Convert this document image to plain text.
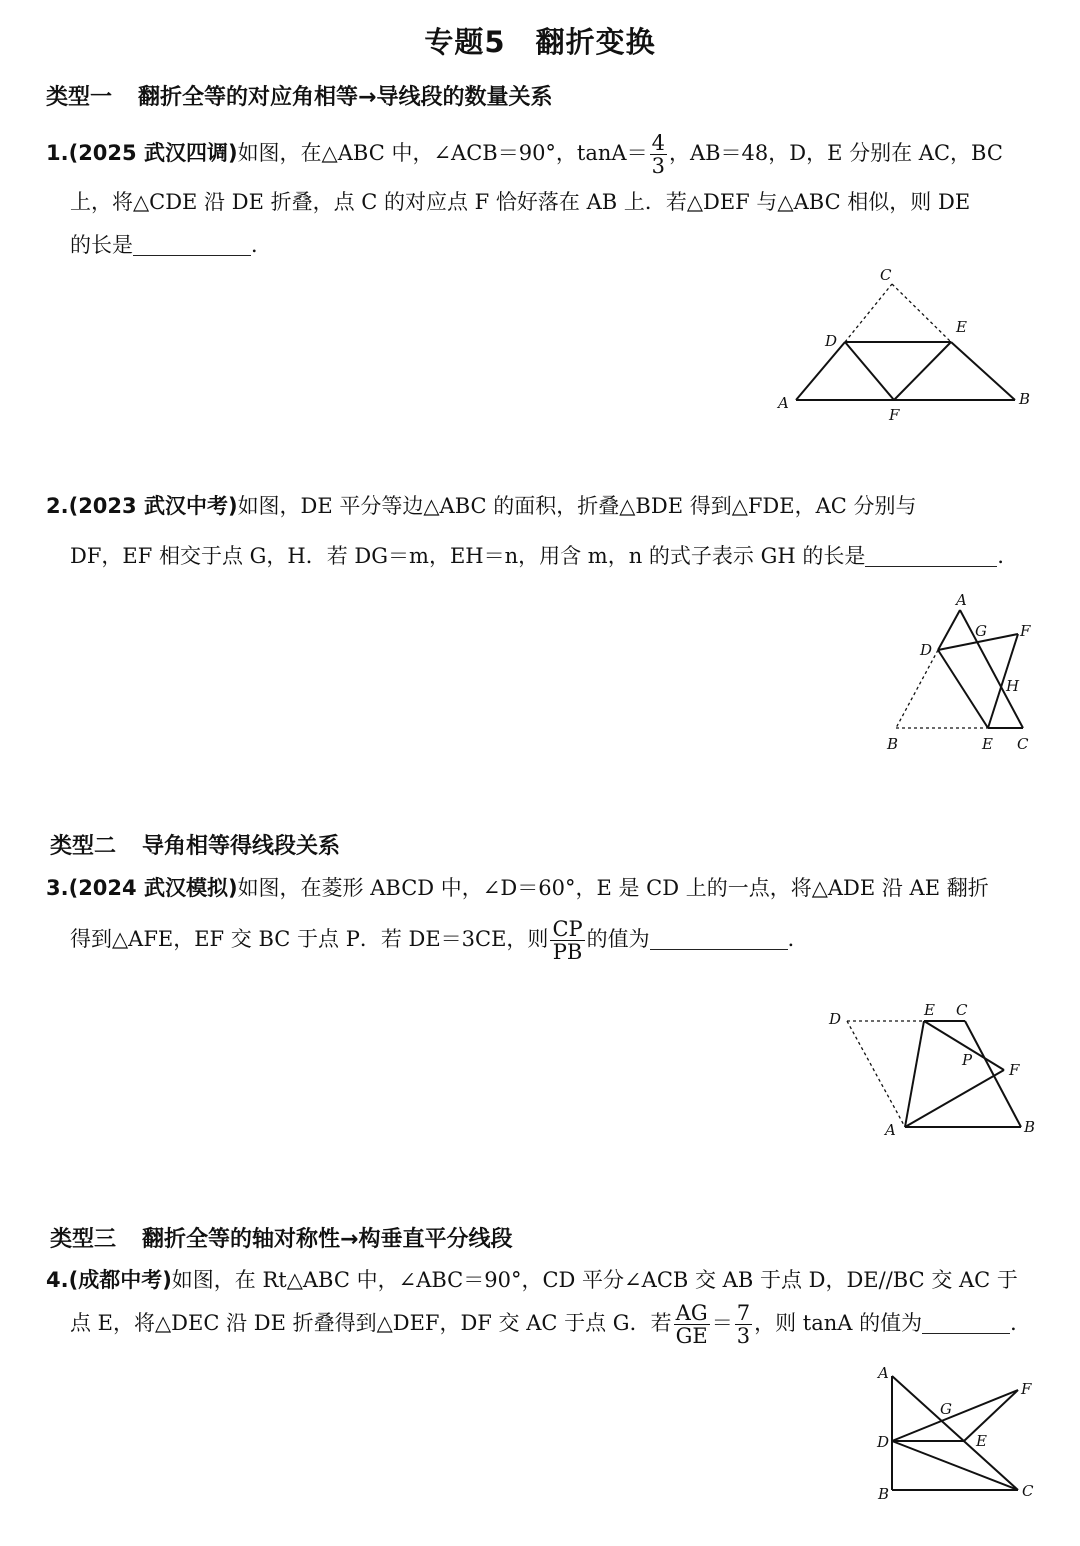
专题5　翻折变换
类型一 翻折全等的对应角相等→导线段的数量关系
1.(2025 武汉四调)如图，在△ABC 中，∠ACB＝90°，$\tan A= \frac{4}{3}$ ，AB＝48，D，E 分别在 AC，BC
上，将△CDE 沿 DE 折叠，点 C 的对应点 F 恰好落在 AB 上．若△DEF 与△ABC 相似，则 DE
的长是	．
C
D
E
A
F
B
2.(2023 武汉中考)如图，DE 平分等边△ABC 的面积，折叠△BDE 得到△FDE，AC 分别与
DF，EF 相交于点 G，H．若 DG＝m，EH＝n，用含 m，n 的式子表示 GH 的长是	．
A
G F
D
H
B	E C
类型二 导角相等得线段关系
3.(2024 武汉模拟)如图，在菱形 ABCD 中，∠D＝60°，E 是 CD 上的一点，将△ADE 沿 AE 翻折
得到△AFE，EF 交 BC 于点 P．若 DE＝3CE，则 $\frac{CP}{PB}$ 的值为	．
D	E C
P
F
A	B
类型三 翻折全等的轴对称性→构垂直平分线段
4.(成都中考)如图，在 Rt△ABC 中，∠ABC＝90°，CD 平分∠ACB 交 AB 于点 D，DE//BC 交 AC 于
点 E，将△DEC 沿 DE 折叠得到△DEF，DF 交 AC 于点 G．若 $\frac{AG}{GE} = \frac{7}{3}$ ，则 tanA 的值为	．
A
F
G
D	E
B	C
